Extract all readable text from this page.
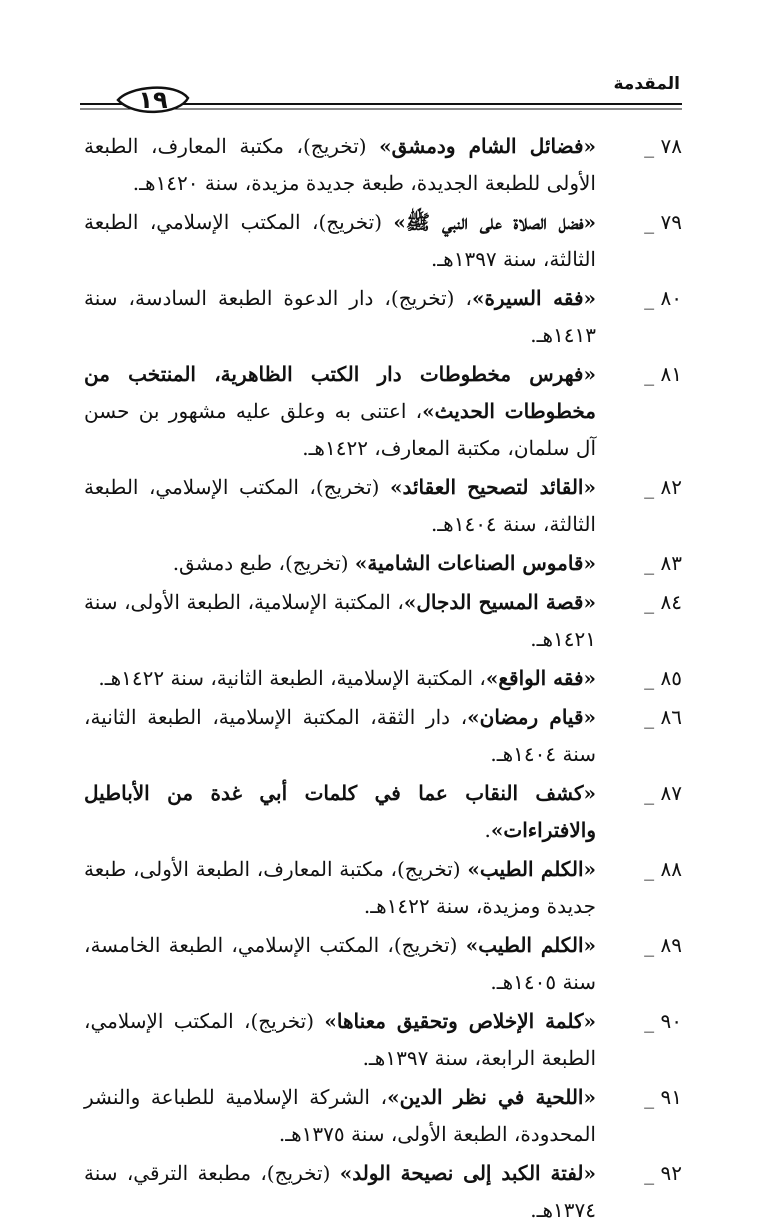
المقدمة
١٩
٧٨ _
«فضائل الشام ودمشق» (تخريج)، مكتبة المعارف، الطبعة الأولى للطبعة الجديدة، طبعة جديدة مزيدة، سنة ١٤٢٠هـ.
٧٩ _
«فضل الصلاة على النبي ﷺ» (تخريج)، المكتب الإسلامي، الطبعة الثالثة، سنة ١٣٩٧هـ.
٨٠ _
«فقه السيرة»، (تخريج)، دار الدعوة الطبعة السادسة، سنة ١٤١٣هـ.
٨١ _
«فهرس مخطوطات دار الكتب الظاهرية، المنتخب من مخطوطات الحديث»، اعتنى به وعلق عليه مشهور بن حسن آل سلمان، مكتبة المعارف، ١٤٢٢هـ.
٨٢ _
«القائد لتصحيح العقائد» (تخريج)، المكتب الإسلامي، الطبعة الثالثة، سنة ١٤٠٤هـ.
٨٣ _
«قاموس الصناعات الشامية» (تخريج)، طبع دمشق.
٨٤ _
«قصة المسيح الدجال»، المكتبة الإسلامية، الطبعة الأولى، سنة ١٤٢١هـ.
٨٥ _
«فقه الواقع»، المكتبة الإسلامية، الطبعة الثانية، سنة ١٤٢٢هـ.
٨٦ _
«قيام رمضان»، دار الثقة، المكتبة الإسلامية، الطبعة الثانية، سنة ١٤٠٤هـ.
٨٧ _
«كشف النقاب عما في كلمات أبي غدة من الأباطيل والافتراءات».
٨٨ _
«الكلم الطيب» (تخريج)، مكتبة المعارف، الطبعة الأولى، طبعة جديدة ومزيدة، سنة ١٤٢٢هـ.
٨٩ _
«الكلم الطيب» (تخريج)، المكتب الإسلامي، الطبعة الخامسة، سنة ١٤٠٥هـ.
٩٠ _
«كلمة الإخلاص وتحقيق معناها» (تخريج)، المكتب الإسلامي، الطبعة الرابعة، سنة ١٣٩٧هـ.
٩١ _
«اللحية في نظر الدين»، الشركة الإسلامية للطباعة والنشر المحدودة، الطبعة الأولى، سنة ١٣٧٥هـ.
٩٢ _
«لفتة الكبد إلى نصيحة الولد» (تخريج)، مطبعة الترقي، سنة ١٣٧٤هـ.
